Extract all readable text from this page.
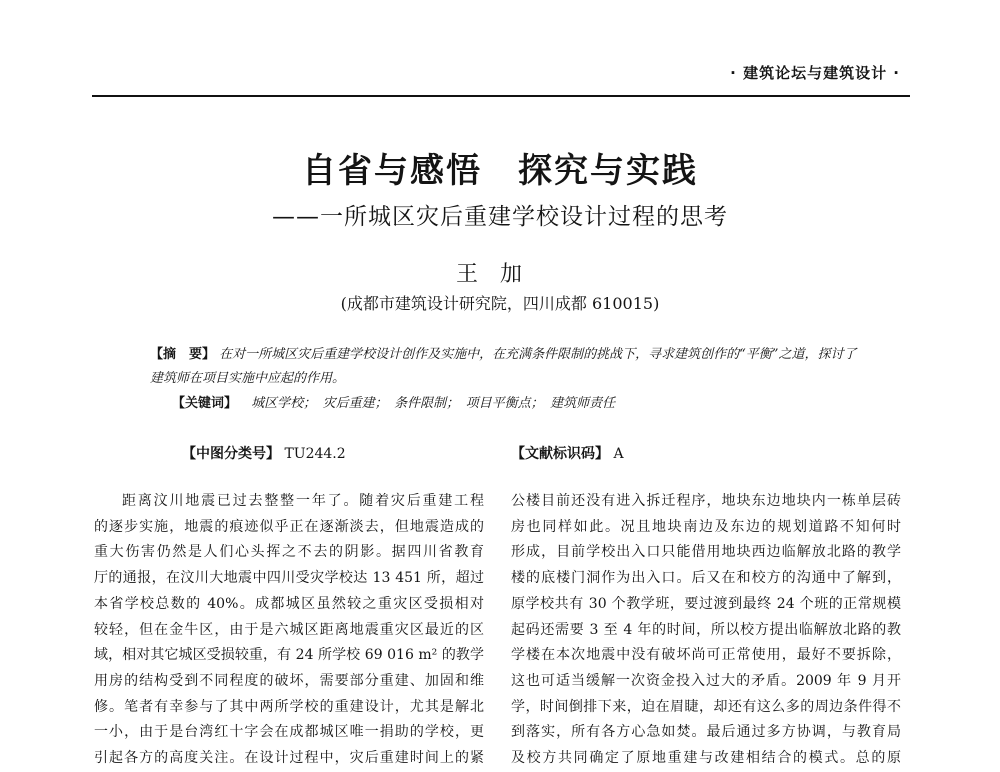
· 建筑论坛与建筑设计 ·
自省与感悟　探究与实践
——一所城区灾后重建学校设计过程的思考
王加
(成都市建筑设计研究院，四川成都 610015)
【摘　要】 在对一所城区灾后重建学校设计创作及实施中，在充满条件限制的挑战下，寻求建筑创作的“平衡”之道，探讨了建筑师在项目实施中应起的作用。
【关键词】 城区学校；　灾后重建；　条件限制；　项目平衡点；　建筑师责任
【中图分类号】 TU244.2	【文献标识码】 A
距离汶川地震已过去整整一年了。随着灾后重建工程
的逐步实施，地震的痕迹似乎正在逐渐淡去，但地震造成的
重大伤害仍然是人们心头挥之不去的阴影。据四川省教育
厅的通报，在汶川大地震中四川受灾学校达 13 451 所，超过
本省学校总数的 40%。成都城区虽然较之重灾区受损相对
较轻，但在金牛区，由于是六城区距离地震重灾区最近的区
域，相对其它城区受损较重，有 24 所学校 69 016 m² 的教学
用房的结构受到不同程度的破坏，需要部分重建、加固和维
修。笔者有幸参与了其中两所学校的重建设计，尤其是解北
一小，由于是台湾红十字会在成都城区唯一捐助的学校，更
引起各方的高度关注。在设计过程中，灾后重建时间上的紧
公楼目前还没有进入拆迁程序，地块东边地块内一栋单层砖
房也同样如此。况且地块南边及东边的规划道路不知何时
形成，目前学校出入口只能借用地块西边临解放北路的教学
楼的底楼门洞作为出入口。后又在和校方的沟通中了解到，
原学校共有 30 个教学班，要过渡到最终 24 个班的正常规模
起码还需要 3 至 4 年的时间，所以校方提出临解放北路的教
学楼在本次地震中没有破坏尚可正常使用，最好不要拆除，
这也可适当缓解一次资金投入过大的矛盾。2009 年 9 月开
学，时间倒排下来，迫在眉睫，却还有这么多的周边条件得不
到落实，所有各方心急如焚。最后通过多方协调，与教育局
及校方共同确定了原地重建与改建相结合的模式。总的原
